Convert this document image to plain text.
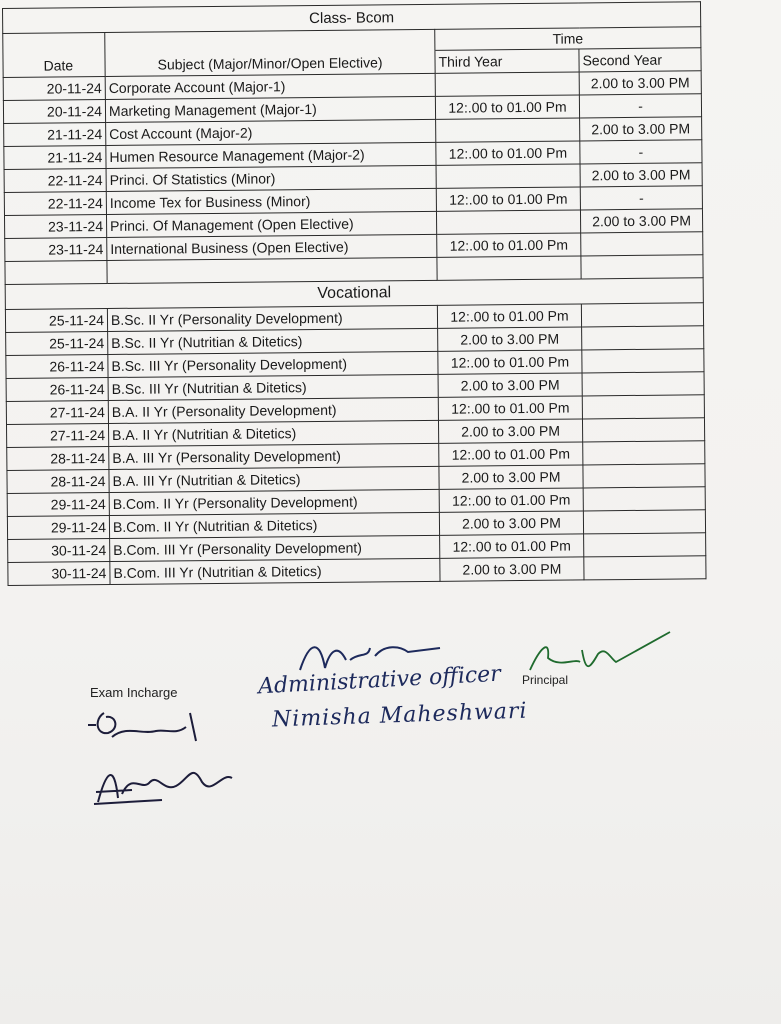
Class- Bcom			
		Time	
Date	Subject (Major/Minor/Open Elective)	Third Year	Second Year
20-11-24	Corporate Account (Major-1)		2.00 to 3.00 PM
20-11-24	Marketing Management (Major-1)	12:.00 to 01.00 Pm	-
21-11-24	Cost Account (Major-2)		2.00 to 3.00 PM
21-11-24	Humen Resource Management (Major-2)	12:.00 to 01.00 Pm	-
22-11-24	Princi. Of Statistics (Minor)		2.00 to 3.00 PM
22-11-24	Income Tex for Business (Minor)	12:.00 to 01.00 Pm	-
23-11-24	Princi. Of Management (Open Elective)		2.00 to 3.00 PM
23-11-24	International Business (Open Elective)	12:.00 to 01.00 Pm	

Vocational			
25-11-24	B.Sc. II Yr (Personality Development)	12:.00 to 01.00 Pm	
25-11-24	B.Sc. II Yr (Nutritian & Ditetics)	2.00 to 3.00 PM	
26-11-24	B.Sc. III Yr (Personality Development)	12:.00 to 01.00 Pm	
26-11-24	B.Sc. III Yr (Nutritian & Ditetics)	2.00 to 3.00 PM	
27-11-24	B.A. II Yr (Personality Development)	12:.00 to 01.00 Pm	
27-11-24	B.A. II Yr (Nutritian & Ditetics)	2.00 to 3.00 PM	
28-11-24	B.A. III Yr (Personality Development)	12:.00 to 01.00 Pm	
28-11-24	B.A. III Yr (Nutritian & Ditetics)	2.00 to 3.00 PM	
29-11-24	B.Com. II Yr (Personality Development)	12:.00 to 01.00 Pm	
29-11-24	B.Com. II Yr (Nutritian & Ditetics)	2.00 to 3.00 PM	
30-11-24	B.Com. III Yr (Personality Development)	12:.00 to 01.00 Pm	
30-11-24	B.Com. III Yr (Nutritian & Ditetics)	2.00 to 3.00 PM	
Exam Incharge
Principal
Administrative officer
Nimisha Maheshwari
